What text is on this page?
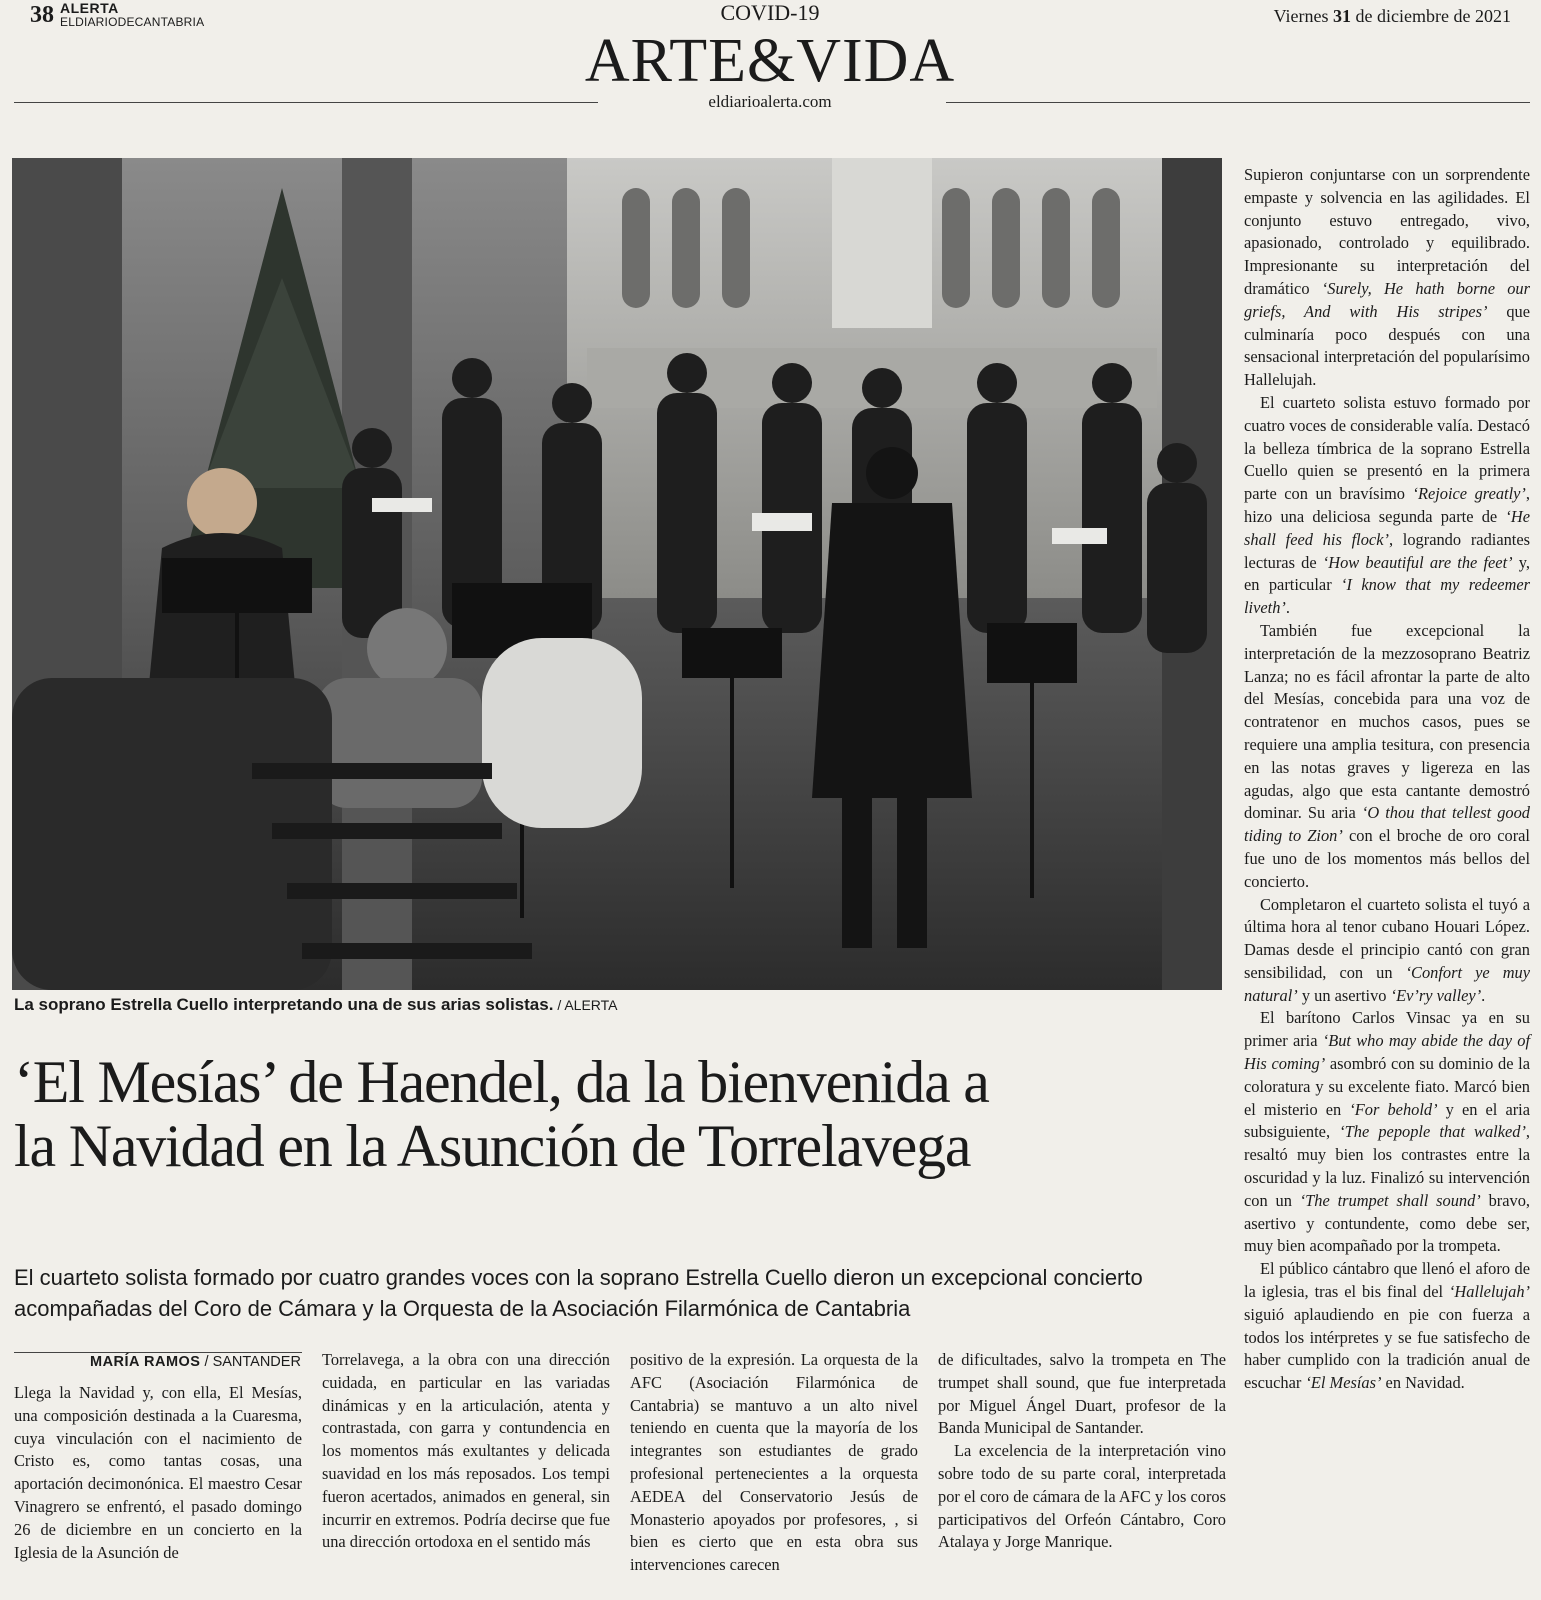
38 ALERTA
ELDIARIODECANTABRIA	COVID-19
ARTE&VIDA
eldiarioalerta.com
Viernes 31 de diciembre de 2021
La soprano Estrella Cuello interpretando una de sus arias solistas. / ALERTA
‘El Mesías’ de Haendel, da la bienvenida a
la Navidad en la Asunción de Torrelavega
El cuarteto solista formado por cuatro grandes voces con la soprano Estrella Cuello dieron un excepcional concierto acompañadas del Coro de Cámara y la Orquesta de la Asociación Filarmónica de Cantabria
MARÍA RAMOS / SANTANDER

Llega la Navidad y, con ella, El Mesías, una composición destinada a la Cuaresma, cuya vinculación con el nacimiento de Cristo es, como tantas cosas, una aportación decimonónica. El maestro Cesar Vinagrero se enfrentó, el pasado domingo 26 de diciembre en un concierto en la Iglesia de la Asunción de

Torrelavega, a la obra con una dirección cuidada, en particular en las variadas dinámicas y en la articulación, atenta y contrastada, con garra y contundencia en los momentos más exultantes y delicada suavidad en los más reposados. Los tempi fueron acertados, animados en general, sin incurrir en extremos. Podría decirse que fue una dirección ortodoxa en el sentido más

positivo de la expresión. La orquesta de la AFC (Asociación Filarmónica de Cantabria) se mantuvo a un alto nivel teniendo en cuenta que la mayoría de los integrantes son estudiantes de grado profesional pertenecientes a la orquesta AEDEA del Conservatorio Jesús de Monasterio apoyados por profesores, , si bien es cierto que en esta obra sus intervenciones carecen

de dificultades, salvo la trompeta en The trumpet shall sound, que fue interpretada por Miguel Ángel Duart, profesor de la Banda Municipal de Santander.

La excelencia de la interpretación vino sobre todo de su parte coral, interpretada por el coro de cámara de la AFC y los coros participativos del Orfeón Cántabro, Coro Atalaya y Jorge Manrique.

Supieron conjuntarse con un sorprendente empaste y solvencia en las agilidades. El conjunto estuvo entregado, vivo, apasionado, controlado y equilibrado. Impresionante su interpretación del dramático ‘Surely, He hath borne our griefs, And with His stripes’ que culminaría poco después con una sensacional interpretación del popularísimo Hallelujah.

El cuarteto solista estuvo formado por cuatro voces de considerable valía. Destacó la belleza tímbrica de la soprano Estrella Cuello quien se presentó en la primera parte con un bravísimo ‘Rejoice greatly’, hizo una deliciosa segunda parte de ‘He shall feed his flock’, logrando radiantes lecturas de ‘How beautiful are the feet’ y, en particular ‘I know that my redeemer liveth’.

También fue excepcional la interpretación de la mezzosoprano Beatriz Lanza; no es fácil afrontar la parte de alto del Mesías, concebida para una voz de contratenor en muchos casos, pues se requiere una amplia tesitura, con presencia en las notas graves y ligereza en las agudas, algo que esta cantante demostró dominar. Su aria ‘O thou that tellest good tiding to Zion’ con el broche de oro coral fue uno de los momentos más bellos del concierto.

Completaron el cuarteto solista el tuyó a última hora al tenor cubano Houari López. Damas desde el principio cantó con gran sensibilidad, con un ‘Confort ye muy natural’ y un asertivo ‘Ev’ry valley’.

El barítono Carlos Vinsac ya en su primer aria ‘But who may abide the day of His coming’ asombró con su dominio de la coloratura y su excelente fiato. Marcó bien el misterio en ‘For behold’ y en el aria subsiguiente, ‘The pepople that walked’, resaltó muy bien los contrastes entre la oscuridad y la luz. Finalizó su intervención con un ‘The trumpet shall sound’ bravo, asertivo y contundente, como debe ser, muy bien acompañado por la trompeta.

El público cántabro que llenó el aforo de la iglesia, tras el bis final del ‘Hallelujah’ siguió aplaudiendo en pie con fuerza a todos los intérpretes y se fue satisfecho de haber cumplido con la tradición anual de escuchar ‘El Mesías’ en Navidad.
